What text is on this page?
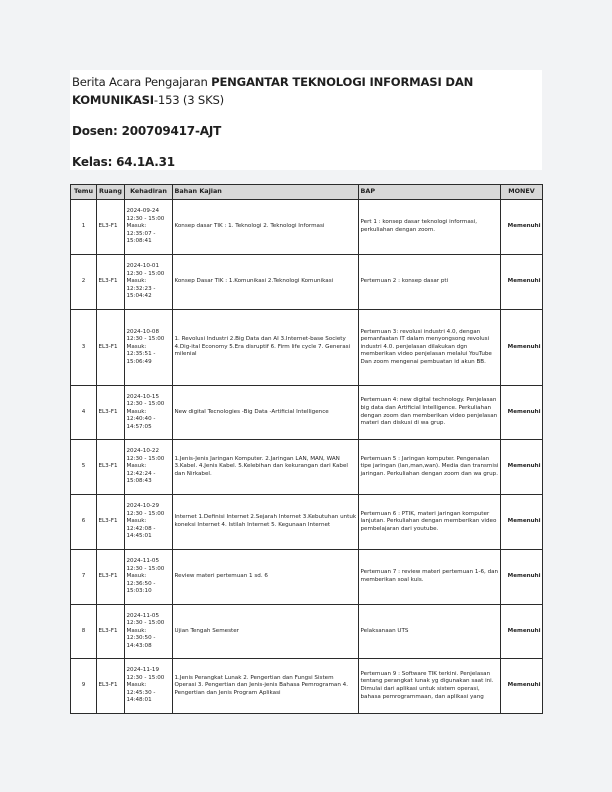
Berita Acara Pengajaran PENGANTAR TEKNOLOGI INFORMASI DAN KOMUNIKASI-153 (3 SKS)
Dosen: 200709417-AJT
Kelas: 64.1A.31
Temu	Ruang	Kehadiran	Bahan Kajian	BAP	MONEV
1	EL3-F1	2024-09-24 12:30 - 15:00 Masuk: 12:35:07 - 15:08:41	Konsep dasar TIK : 1. Teknologi 2. Teknologi Informasi	Pert 1 : konsep dasar teknologi informasi, perkuliahan dengan zoom.	Memenuhi
2	EL3-F1	2024-10-01 12:30 - 15:00 Masuk: 12:32:23 - 15:04:42	Konsep Dasar TIK : 1.Komunikasi 2.Teknologi Komunikasi	Pertemuan 2 : konsep dasar pti	Memenuhi
3	EL3-F1	2024-10-08 12:30 - 15:00 Masuk: 12:35:51 - 15:06:49	1. Revolusi Industri 2.Big Data dan AI 3.Internet-base Society 4.Dig-ital Economy 5.Era disruptif 6. Firm life cycle 7. Generasi milenial	Pertemuan 3: revolusi industri 4.0, dengan pemanfaatan IT dalam menyongsong revolusi industri 4.0. penjelasan dilakukan dgn memberikan video penjelasan melalui YouTube Dan zoom mengenai pembuatan id akun BB.	Memenuhi
4	EL3-F1	2024-10-15 12:30 - 15:00 Masuk: 12:40:40 - 14:57:05	New digital Tecnologies -Big Data -Artificial Intelligence	Pertemuan 4: new digital technology. Penjelasan big data dan Artificial Intelligence. Perkuliahan dengan zoom dan memberikan video penjelasan materi dan diskusi di wa grup.	Memenuhi
5	EL3-F1	2024-10-22 12:30 - 15:00 Masuk: 12:42:24 - 15:08:43	1.Jenis-Jenis Jaringan Komputer. 2.Jaringan LAN, MAN, WAN 3.Kabel. 4.Jenis Kabel. 5.Kelebihan dan kekurangan dari Kabel dan Nirkabel.	Pertemuan 5 : Jaringan komputer. Pengenalan tipe jaringan (lan,man,wan). Media dan transmisi jaringan. Perkuliahan dengan zoom dan wa grup.	Memenuhi
6	EL3-F1	2024-10-29 12:30 - 15:00 Masuk: 12:42:08 - 14:45:01	Internet 1.Definisi Internet 2.Sejarah Internet 3.Kebutuhan untuk koneksi Internet 4. Istilah Internet 5. Kegunaan Internet	Pertemuan 6 : PTIK, materi jaringan komputer lanjutan. Perkuliahan dengan memberikan video pembelajaran dari youtube.	Memenuhi
7	EL3-F1	2024-11-05 12:30 - 15:00 Masuk: 12:36:50 - 15:03:10	Review materi pertemuan 1 sd. 6	Pertemuan 7 : review materi pertemuan 1-6, dan memberikan soal kuis.	Memenuhi
8	EL3-F1	2024-11-05 12:30 - 15:00 Masuk: 12:30:50 - 14:43:08	Ujian Tengah Semester	Pelaksanaan UTS	Memenuhi
9	EL3-F1	2024-11-19 12:30 - 15:00 Masuk: 12:45:30 - 14:48:01	1.Jenis Perangkat Lunak 2. Pengertian dan Fungsi Sistem Operasi 3. Pengertian dan Jenis-jenis Bahasa Pemrograman 4. Pengertian dan Jenis Program Aplikasi	Pertemuan 9 : Software TIK terkini. Penjelasan tentang perangkat lunak yg digunakan saat ini. Dimulai dari aplikasi untuk sistem operasi, bahasa pemrogrammaan, dan aplikasi yang	Memenuhi
